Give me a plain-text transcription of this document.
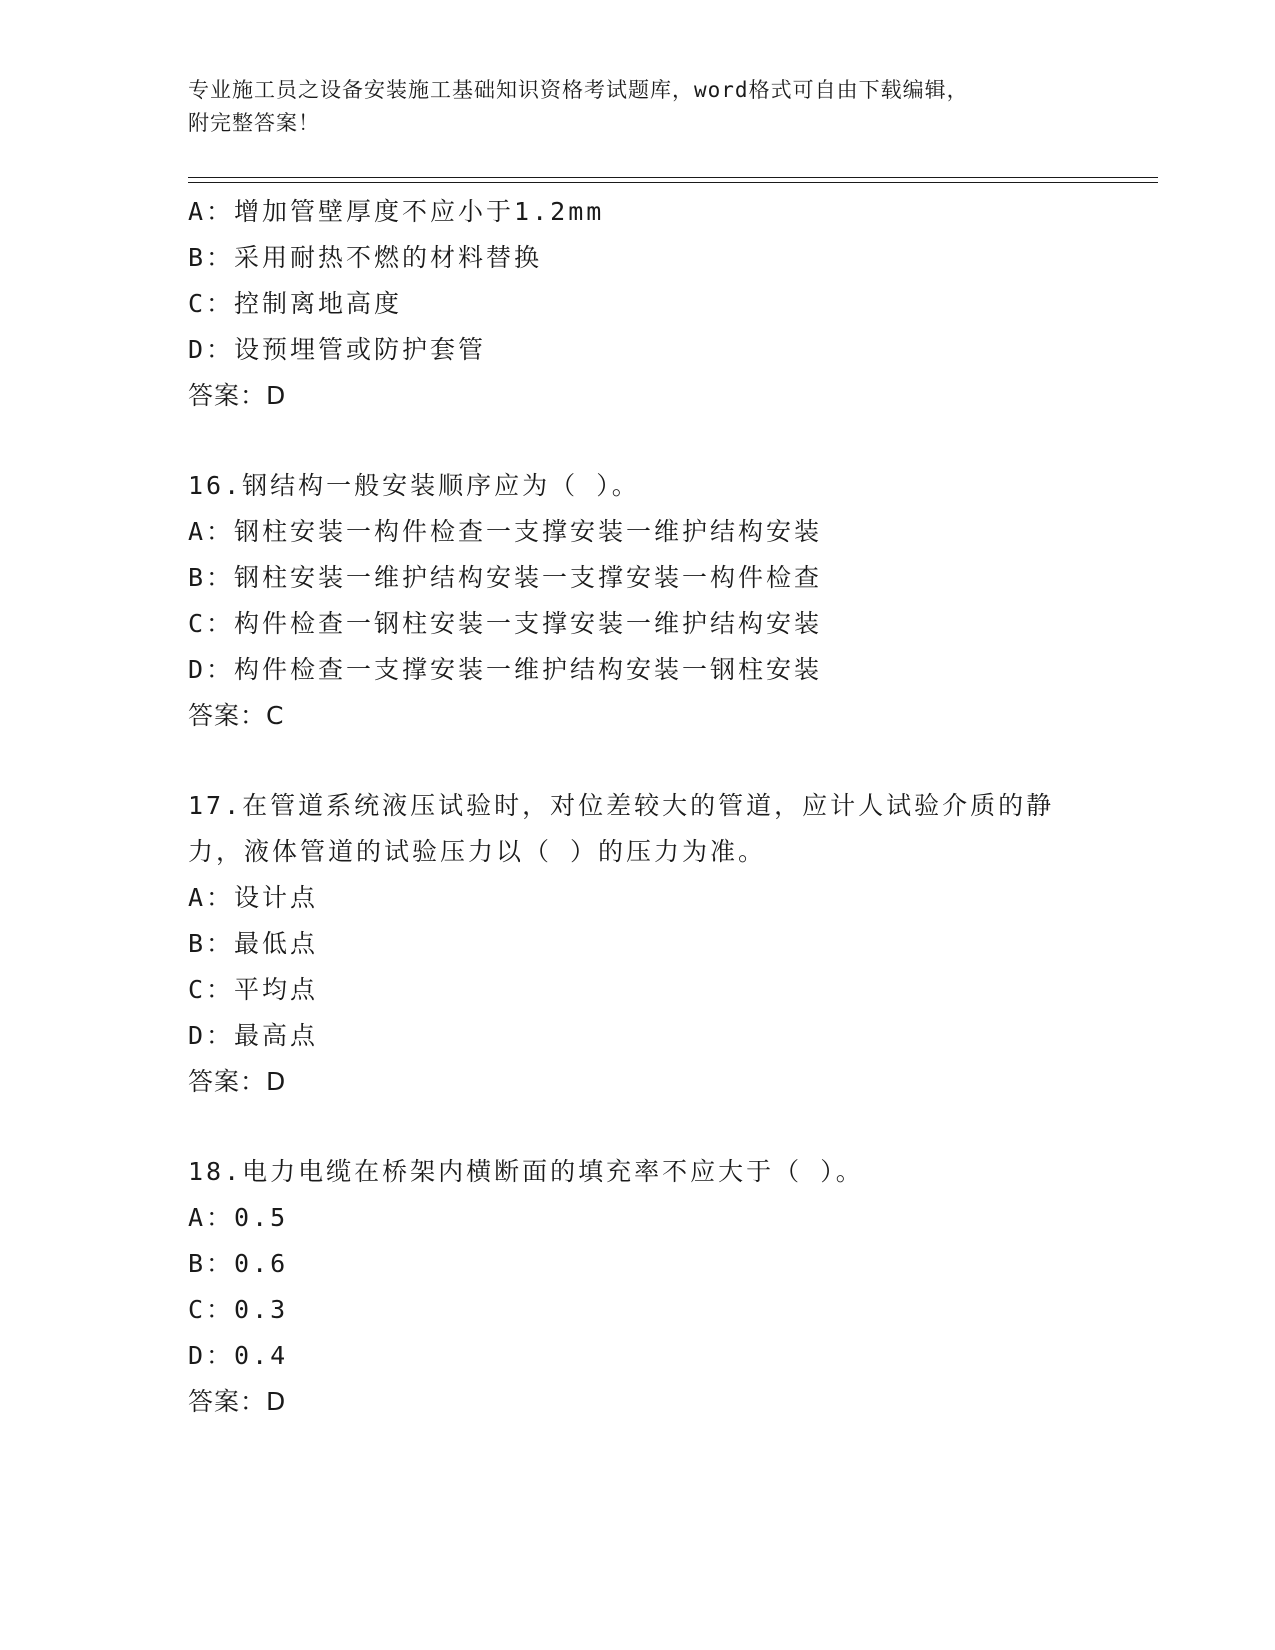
专业施工员之设备安装施工基础知识资格考试题库，word格式可自由下载编辑，
附完整答案！
A：增加管壁厚度不应小于1.2mm
B：采用耐热不燃的材料替换
C：控制离地高度
D：设预埋管或防护套管
答案：D
16.钢结构一般安装顺序应为（ ）。
A：钢柱安装一构件检查一支撑安装一维护结构安装
B：钢柱安装一维护结构安装一支撑安装一构件检查
C：构件检查一钢柱安装一支撑安装一维护结构安装
D：构件检查一支撑安装一维护结构安装一钢柱安装
答案：C
17.在管道系统液压试验时，对位差较大的管道，应计人试验介质的静
力，液体管道的试验压力以（ ）的压力为准。
A：设计点
B：最低点
C：平均点
D：最高点
答案：D
18.电力电缆在桥架内横断面的填充率不应大于（ ）。
A：0.5
B：0.6
C：0.3
D：0.4
答案：D
